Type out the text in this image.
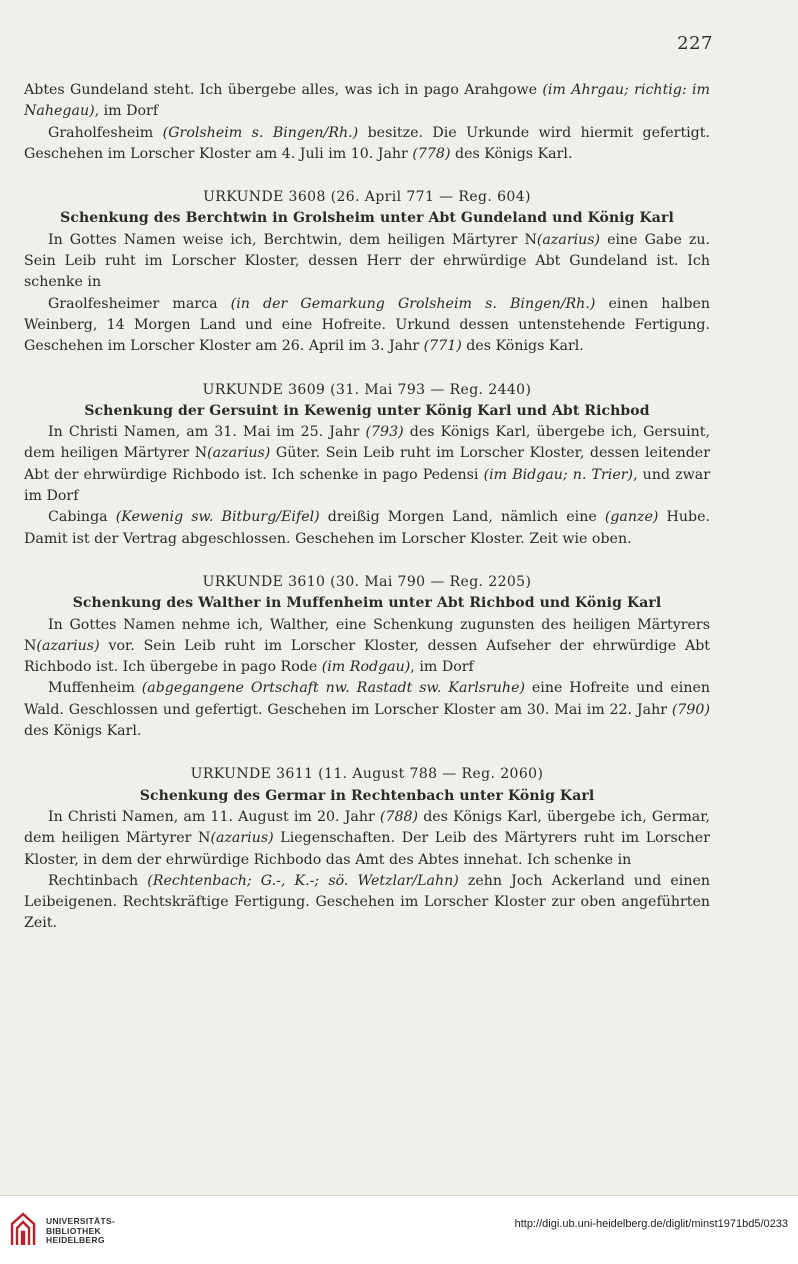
227

Abtes Gundeland steht. Ich übergebe alles, was ich in pago Arahgowe (im Ahrgau; richtig: im Nahegau), im Dorf

Graholfesheim (Grolsheim s. Bingen/Rh.) besitze. Die Urkunde wird hiermit gefertigt. Geschehen im Lorscher Kloster am 4. Juli im 10. Jahr (778) des Königs Karl.

URKUNDE 3608 (26. April 771 — Reg. 604)

Schenkung des Berchtwin in Grolsheim unter Abt Gundeland und König Karl

In Gottes Namen weise ich, Berchtwin, dem heiligen Märtyrer N(azarius) eine Gabe zu. Sein Leib ruht im Lorscher Kloster, dessen Herr der ehrwürdige Abt Gundeland ist. Ich schenke in

Graolfesheimer marca (in der Gemarkung Grolsheim s. Bingen/Rh.) einen halben Weinberg, 14 Morgen Land und eine Hofreite. Urkund dessen untenstehende Fertigung. Geschehen im Lorscher Kloster am 26. April im 3. Jahr (771) des Königs Karl.

URKUNDE 3609 (31. Mai 793 — Reg. 2440)

Schenkung der Gersuint in Kewenig unter König Karl und Abt Richbod

In Christi Namen, am 31. Mai im 25. Jahr (793) des Königs Karl, übergebe ich, Gersuint, dem heiligen Märtyrer N(azarius) Güter. Sein Leib ruht im Lorscher Kloster, dessen leitender Abt der ehrwürdige Richbodo ist. Ich schenke in pago Pedensi (im Bidgau; n. Trier), und zwar im Dorf

Cabinga (Kewenig sw. Bitburg/Eifel) dreißig Morgen Land, nämlich eine (ganze) Hube. Damit ist der Vertrag abgeschlossen. Geschehen im Lorscher Kloster. Zeit wie oben.

URKUNDE 3610 (30. Mai 790 — Reg. 2205)

Schenkung des Walther in Muffenheim unter Abt Richbod und König Karl

In Gottes Namen nehme ich, Walther, eine Schenkung zugunsten des heiligen Märtyrers N(azarius) vor. Sein Leib ruht im Lorscher Kloster, dessen Aufseher der ehrwürdige Abt Richbodo ist. Ich übergebe in pago Rode (im Rodgau), im Dorf

Muffenheim (abgegangene Ortschaft nw. Rastadt sw. Karlsruhe) eine Hofreite und einen Wald. Geschlossen und gefertigt. Geschehen im Lorscher Kloster am 30. Mai im 22. Jahr (790) des Königs Karl.

URKUNDE 3611 (11. August 788 — Reg. 2060)

Schenkung des Germar in Rechtenbach unter König Karl

In Christi Namen, am 11. August im 20. Jahr (788) des Königs Karl, übergebe ich, Germar, dem heiligen Märtyrer N(azarius) Liegenschaften. Der Leib des Märtyrers ruht im Lorscher Kloster, in dem der ehrwürdige Richbodo das Amt des Abtes innehat. Ich schenke in

Rechtinbach (Rechtenbach; G.-, K.-; sö. Wetzlar/Lahn) zehn Joch Ackerland und einen Leibeigenen. Rechtskräftige Fertigung. Geschehen im Lorscher Kloster zur oben angeführten Zeit.

UNIVERSITÄTS-
BIBLIOTHEK
HEIDELBERG
http://digi.ub.uni-heidelberg.de/diglit/minst1971bd5/0233
